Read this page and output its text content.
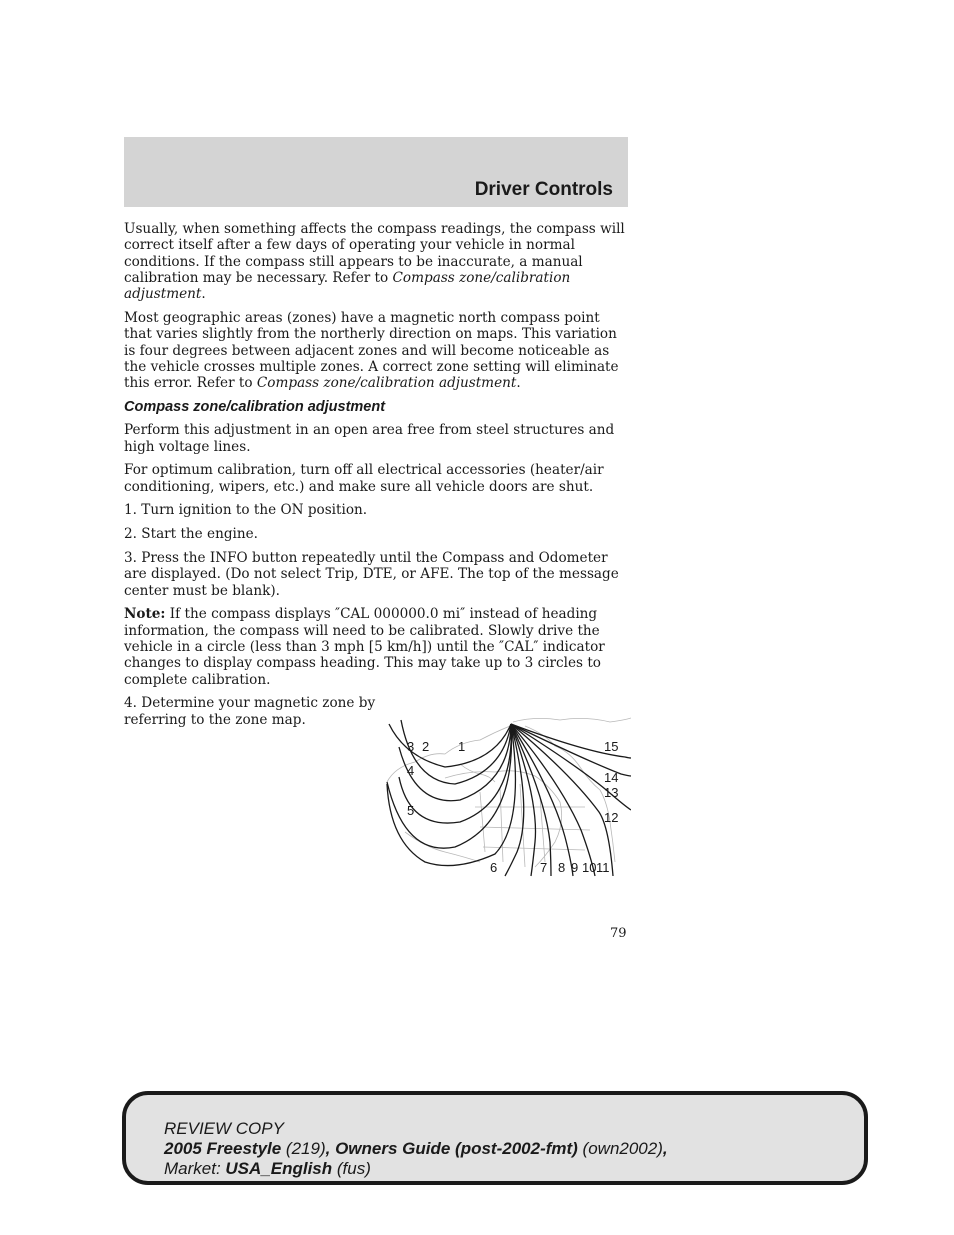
Driver Controls

Usually, when something affects the compass readings, the compass will correct itself after a few days of operating your vehicle in normal conditions. If the compass still appears to be inaccurate, a manual calibration may be necessary. Refer to Compass zone/calibration adjustment.

Most geographic areas (zones) have a magnetic north compass point that varies slightly from the northerly direction on maps. This variation is four degrees between adjacent zones and will become noticeable as the vehicle crosses multiple zones. A correct zone setting will eliminate this error. Refer to Compass zone/calibration adjustment.

Compass zone/calibration adjustment

Perform this adjustment in an open area free from steel structures and high voltage lines.

For optimum calibration, turn off all electrical accessories (heater/air conditioning, wipers, etc.) and make sure all vehicle doors are shut.

1. Turn ignition to the ON position.

2. Start the engine.

3. Press the INFO button repeatedly until the Compass and Odometer are displayed. (Do not select Trip, DTE, or AFE. The top of the message center must be blank).

Note: If the compass displays ″CAL 000000.0 mi″ instead of heading information, the compass will need to be calibrated. Slowly drive the vehicle in a circle (less than 3 mph [5 km/h]) until the ″CAL″ indicator changes to display compass heading. This may take up to 3 circles to complete calibration.

4. Determine your magnetic zone by referring to the zone map.

3 2 1
4
5
6	7 8 9 10 11
12
13
14
15
79
REVIEW COPY
2005 Freestyle (219), Owners Guide (post-2002-fmt) (own2002),
Market: USA_English (fus)
